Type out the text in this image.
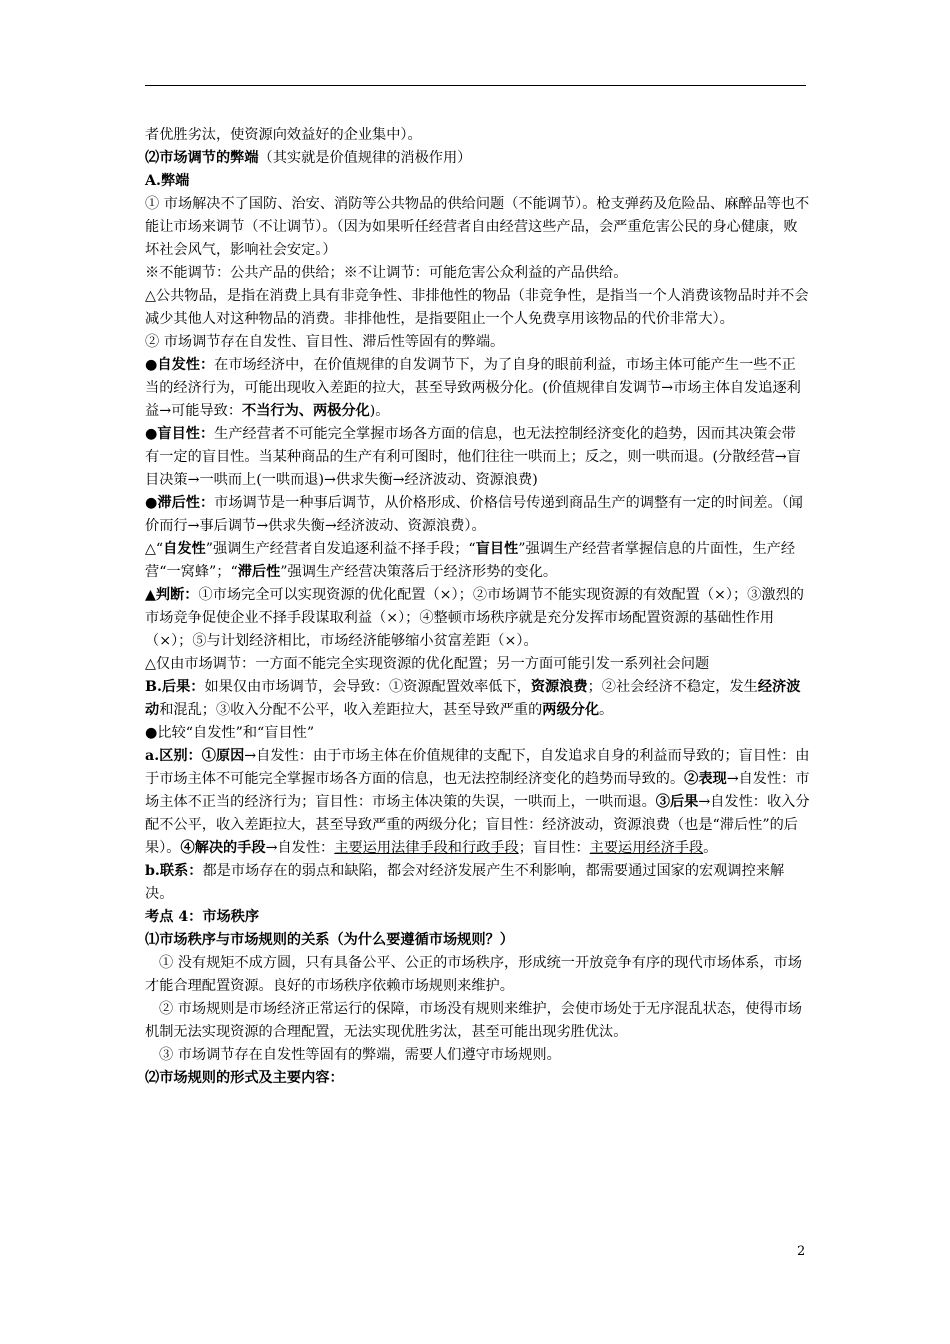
者优胜劣汰，使资源向效益好的企业集中）。

⑵市场调节的弊端（其实就是价值规律的消极作用）

A.弊端

① 市场解决不了国防、治安、消防等公共物品的供给问题（不能调节）。枪支弹药及危险品、麻醉品等也不能让市场来调节（不让调节）。（因为如果听任经营者自由经营这些产品，会严重危害公民的身心健康，败坏社会风气，影响社会安定。）

※不能调节：公共产品的供给；※不让调节：可能危害公众利益的产品供给。

△公共物品，是指在消费上具有非竞争性、非排他性的物品（非竞争性，是指当一个人消费该物品时并不会减少其他人对这种物品的消费。非排他性，是指要阻止一个人免费享用该物品的代价非常大）。

② 市场调节存在自发性、盲目性、滞后性等固有的弊端。

●自发性：在市场经济中，在价值规律的自发调节下，为了自身的眼前利益，市场主体可能产生一些不正当的经济行为，可能出现收入差距的拉大，甚至导致两极分化。(价值规律自发调节→市场主体自发追逐利益→可能导致：不当行为、两极分化)。

●盲目性：生产经营者不可能完全掌握市场各方面的信息，也无法控制经济变化的趋势，因而其决策会带有一定的盲目性。当某种商品的生产有利可图时，他们往往一哄而上；反之，则一哄而退。(分散经营→盲目决策→一哄而上(一哄而退)→供求失衡→经济波动、资源浪费)

●滞后性：市场调节是一种事后调节，从价格形成、价格信号传递到商品生产的调整有一定的时间差。（闻价而行→事后调节→供求失衡→经济波动、资源浪费）。

△“自发性”强调生产经营者自发追逐利益不择手段；“盲目性”强调生产经营者掌握信息的片面性，生产经营“一窝蜂”；“滞后性”强调生产经营决策落后于经济形势的变化。

▲判断：①市场完全可以实现资源的优化配置（×）；②市场调节不能实现资源的有效配置（×）；③激烈的市场竞争促使企业不择手段谋取利益（×）；④整顿市场秩序就是充分发挥市场配置资源的基础性作用（×）；⑤与计划经济相比，市场经济能够缩小贫富差距（×）。

△仅由市场调节：一方面不能完全实现资源的优化配置；另一方面可能引发一系列社会问题

B.后果：如果仅由市场调节，会导致：①资源配置效率低下，资源浪费；②社会经济不稳定，发生经济波动和混乱；③收入分配不公平，收入差距拉大，甚至导致严重的两级分化。

●比较“自发性”和“盲目性”

a.区别：①原因→自发性：由于市场主体在价值规律的支配下，自发追求自身的利益而导致的；盲目性：由于市场主体不可能完全掌握市场各方面的信息，也无法控制经济变化的趋势而导致的。②表现→自发性：市场主体不正当的经济行为；盲目性：市场主体决策的失误，一哄而上，一哄而退。③后果→自发性：收入分配不公平，收入差距拉大，甚至导致严重的两级分化；盲目性：经济波动，资源浪费（也是“滞后性”的后果）。④解决的手段→自发性：主要运用法律手段和行政手段；盲目性：主要运用经济手段。

b.联系：都是市场存在的弱点和缺陷，都会对经济发展产生不利影响，都需要通过国家的宏观调控来解决。

考点 4：市场秩序

⑴市场秩序与市场规则的关系（为什么要遵循市场规则？）

① 没有规矩不成方圆，只有具备公平、公正的市场秩序，形成统一开放竞争有序的现代市场体系，市场才能合理配置资源。良好的市场秩序依赖市场规则来维护。

② 市场规则是市场经济正常运行的保障，市场没有规则来维护，会使市场处于无序混乱状态，使得市场机制无法实现资源的合理配置，无法实现优胜劣汰，甚至可能出现劣胜优汰。

③ 市场调节存在自发性等固有的弊端，需要人们遵守市场规则。

⑵市场规则的形式及主要内容：

2
